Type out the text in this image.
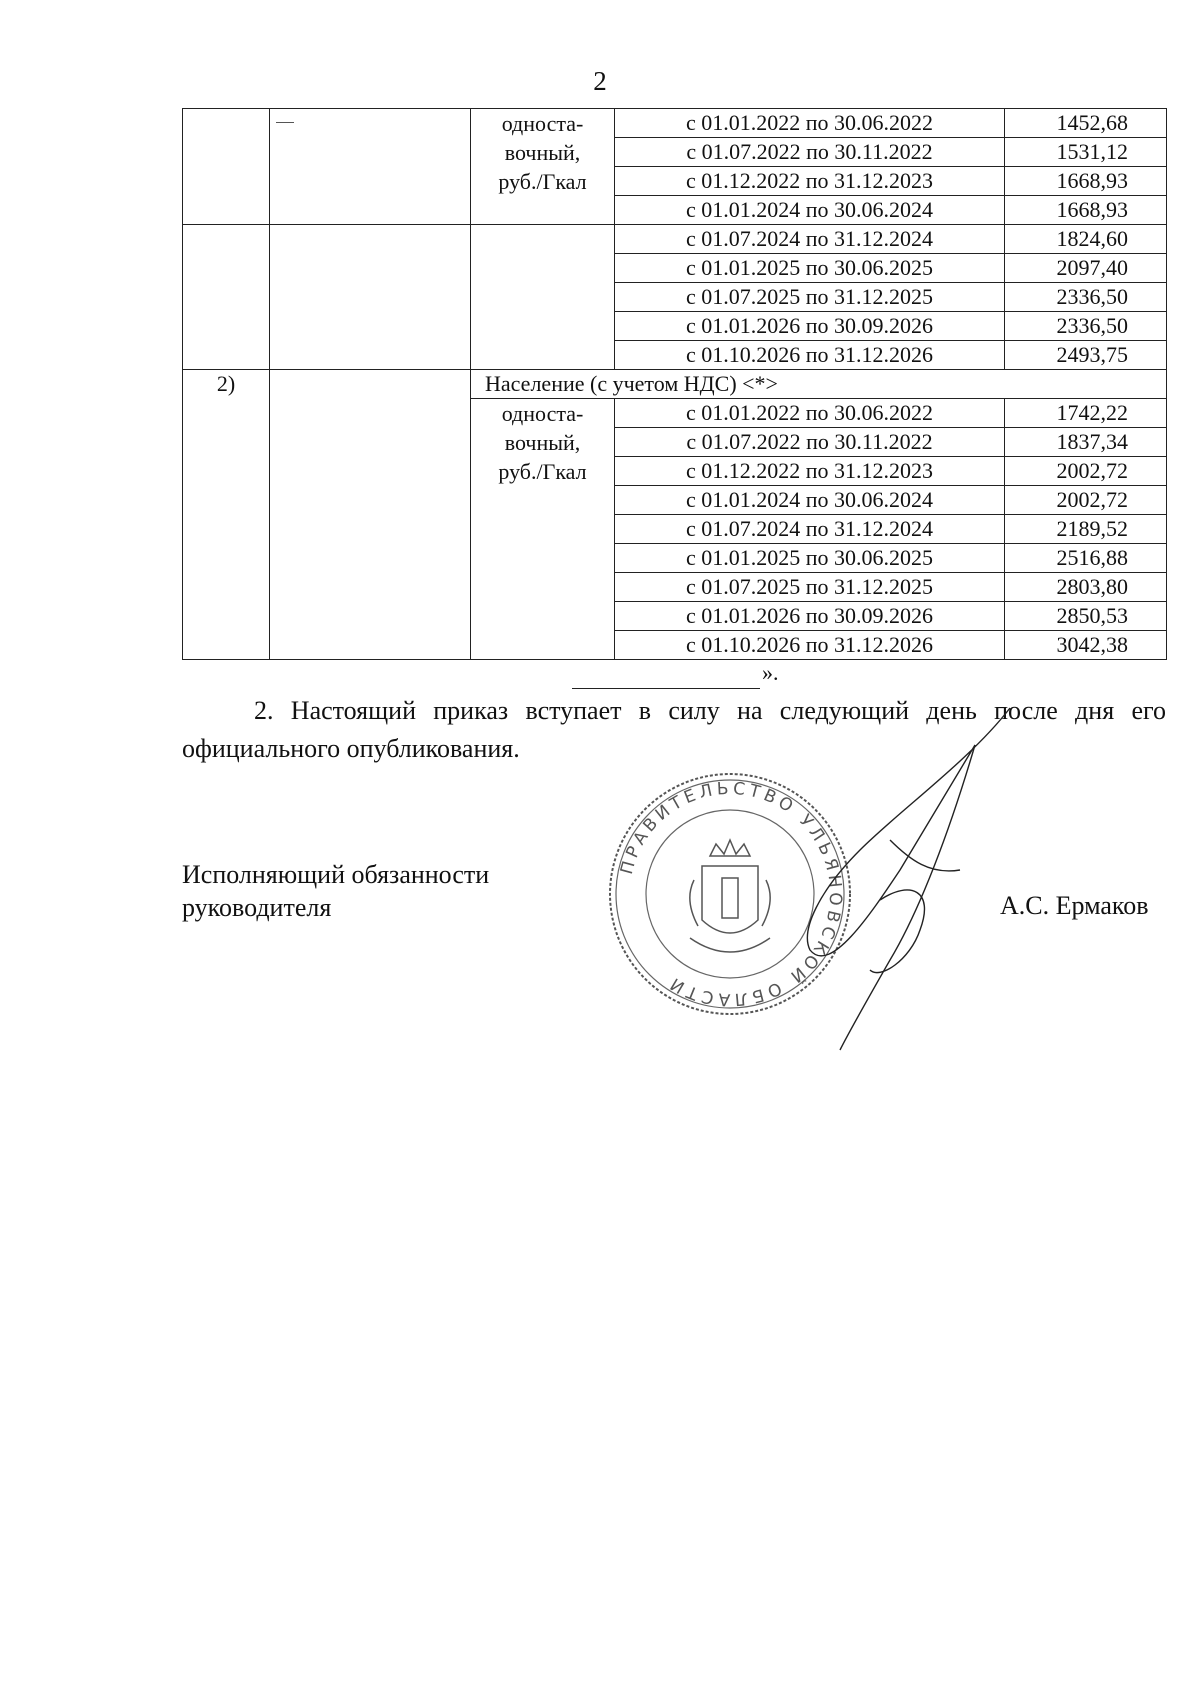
2

		односта-
вочный,
руб./Гкал	с 01.01.2022 по 30.06.2022	1452,68
			с 01.07.2022 по 30.11.2022	1531,12
			с 01.12.2022 по 31.12.2023	1668,93
			с 01.01.2024 по 30.06.2024	1668,93
			с 01.07.2024 по 31.12.2024	1824,60
			с 01.01.2025 по 30.06.2025	2097,40
			с 01.07.2025 по 31.12.2025	2336,50
			с 01.01.2026 по 30.09.2026	2336,50
			с 01.10.2026 по 31.12.2026	2493,75
2)		Население (с учетом НДС) <*>		

		односта-
вочный,
руб./Гкал	с 01.01.2022 по 30.06.2022	1742,22
			с 01.07.2022 по 30.11.2022	1837,34
			с 01.12.2022 по 31.12.2023	2002,72
			с 01.01.2024 по 30.06.2024	2002,72
			с 01.07.2024 по 31.12.2024	2189,52
			с 01.01.2025 по 30.06.2025	2516,88
			с 01.07.2025 по 31.12.2025	2803,80
			с 01.01.2026 по 30.09.2026	2850,53
			с 01.10.2026 по 31.12.2026	3042,38
».
2. Настоящий приказ вступает в силу на следующий день после дня его официального опубликования.
Исполняющий обязанности
руководителя
ПРАВИТЕЛЬСТВО УЛЬЯНОВСКОЙ ОБЛАСТИ
А.С. Ермаков
